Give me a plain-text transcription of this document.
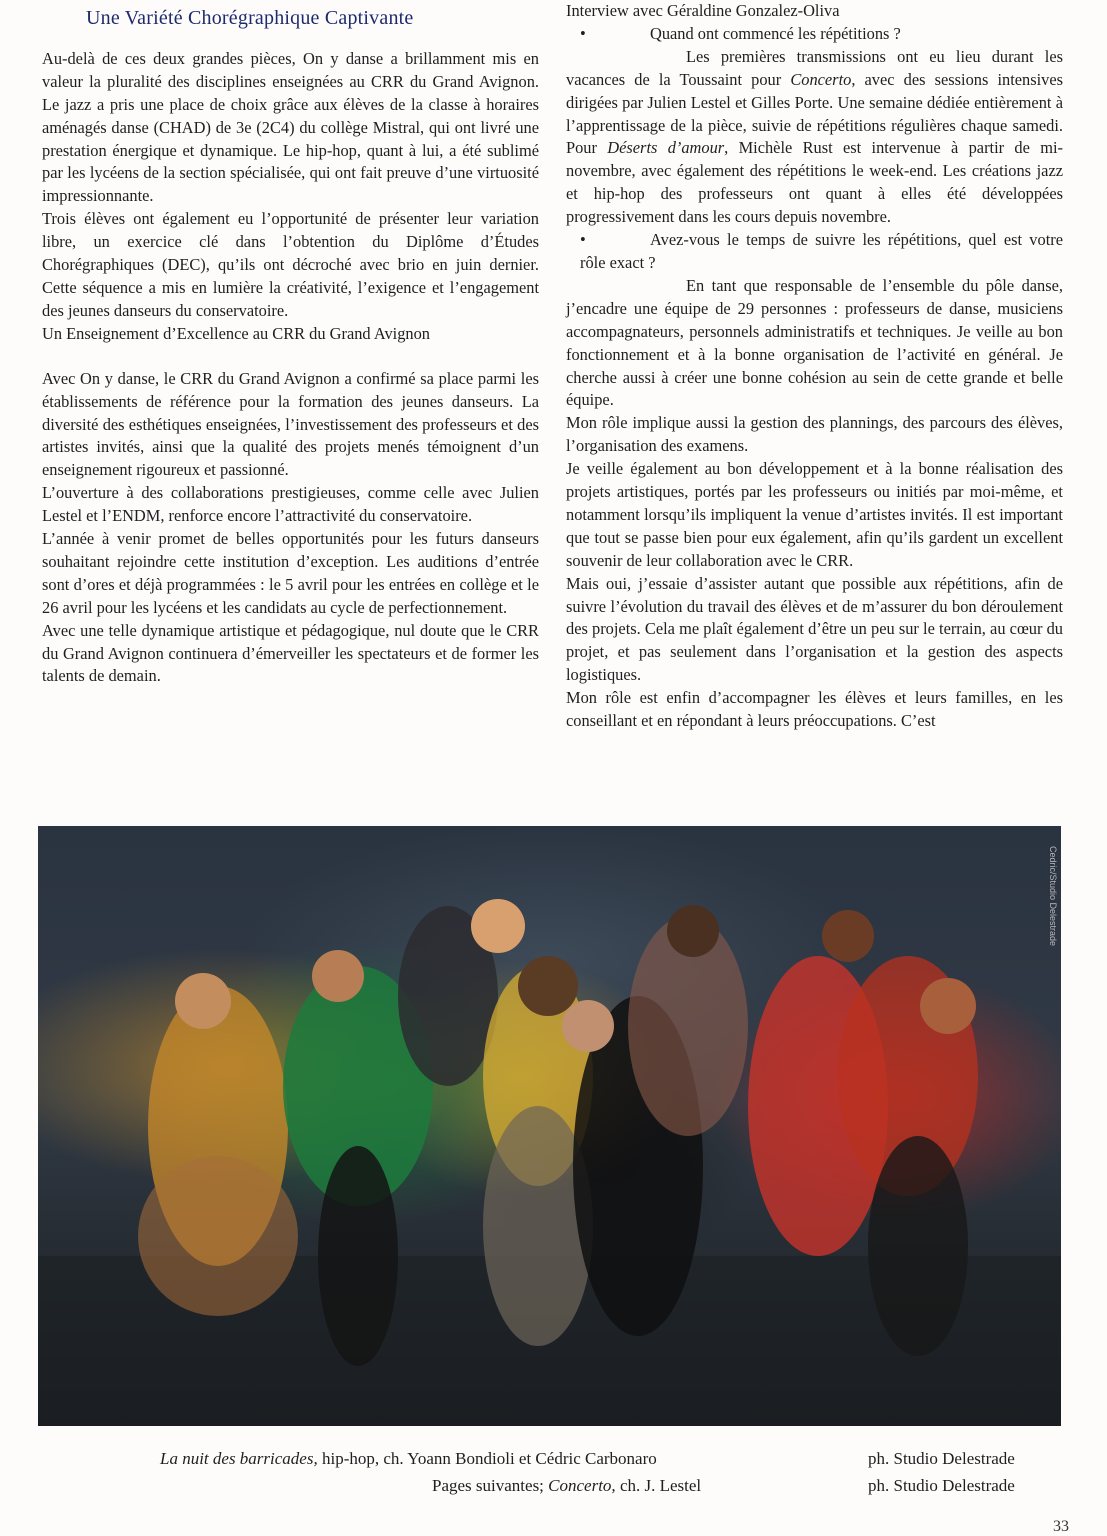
Une Variété Chorégraphique Captivante

Au-delà de ces deux grandes pièces, On y danse a brillamment mis en valeur la pluralité des disciplines enseignées au CRR du Grand Avignon. Le jazz a pris une place de choix grâce aux élèves de la classe à horaires aménagés danse (CHAD) de 3e (2C4) du collège Mistral, qui ont livré une prestation énergique et dynamique. Le hip-hop, quant à lui, a été sublimé par les lycéens de la section spécialisée, qui ont fait preuve d’une virtuosité impressionnante.

Trois élèves ont également eu l’opportunité de présenter leur variation libre, un exercice clé dans l’obtention du Diplôme d’Études Chorégraphiques (DEC), qu’ils ont décroché avec brio en juin dernier. Cette séquence a mis en lumière la créativité, l’exigence et l’engagement des jeunes danseurs du conservatoire.

Un Enseignement d’Excellence au CRR du Grand Avignon

Avec On y danse, le CRR du Grand Avignon a confirmé sa place parmi les établissements de référence pour la formation des jeunes danseurs. La diversité des esthétiques enseignées, l’investissement des professeurs et des artistes invités, ainsi que la qualité des projets menés témoignent d’un enseignement rigoureux et passionné.

L’ouverture à des collaborations prestigieuses, comme celle avec Julien Lestel et l’ENDM, renforce encore l’attractivité du conservatoire.

L’année à venir promet de belles opportunités pour les futurs danseurs souhaitant rejoindre cette institution d’exception. Les auditions d’entrée sont d’ores et déjà programmées : le 5 avril pour les entrées en collège et le 26 avril pour les lycéens et les candidats au cycle de perfectionnement.

Avec une telle dynamique artistique et pédagogique, nul doute que le CRR du Grand Avignon continuera d’émerveiller les spectateurs et de former les talents de demain.

Interview avec Géraldine Gonzalez-Oliva

•	Quand ont commencé les répétitions ?

Les premières transmissions ont eu lieu durant les vacances de la Toussaint pour Concerto, avec des sessions intensives dirigées par Julien Lestel et Gilles Porte. Une semaine dédiée entièrement à l’apprentissage de la pièce, suivie de répétitions régulières chaque samedi. Pour Déserts d’amour, Michèle Rust est intervenue à partir de mi-novembre, avec également des répétitions le week-end. Les créations jazz et hip-hop des professeurs ont quant à elles été développées progressivement dans les cours depuis novembre.

•	Avez-vous le temps de suivre les répétitions, quel est votre rôle exact ?

En tant que responsable de l’ensemble du pôle danse, j’encadre une équipe de 29 personnes : professeurs de danse, musiciens accompagnateurs, personnels administratifs et techniques. Je veille au bon fonctionnement et à la bonne organisation de l’activité en général. Je cherche aussi à créer une bonne cohésion au sein de cette grande et belle équipe.

Mon rôle implique aussi la gestion des plannings, des parcours des élèves, l’organisation des examens.

Je veille également au bon développement et à la bonne réalisation des projets artistiques, portés par les professeurs ou initiés par moi-même, et notamment lorsqu’ils impliquent la venue d’artistes invités. Il est important que tout se passe bien pour eux également, afin qu’ils gardent un excellent souvenir de leur collaboration avec le CRR.

Mais oui, j’essaie d’assister autant que possible aux répétitions, afin de suivre l’évolution du travail des élèves et de m’assurer du bon déroulement des projets. Cela me plaît également d’être un peu sur le terrain, au cœur du projet, et pas seulement dans l’organisation et la gestion des aspects logistiques.

Mon rôle est enfin d’accompagner les élèves et leurs familles, en les conseillant et en répondant à leurs préoccupations. C’est

Cedric/Studio Delestrade
La nuit des barricades, hip-hop, ch. Yoann Bondioli et Cédric Carbonaro	ph. Studio Delestrade
Pages suivantes; Concerto, ch. J. Lestel	ph. Studio Delestrade
33
